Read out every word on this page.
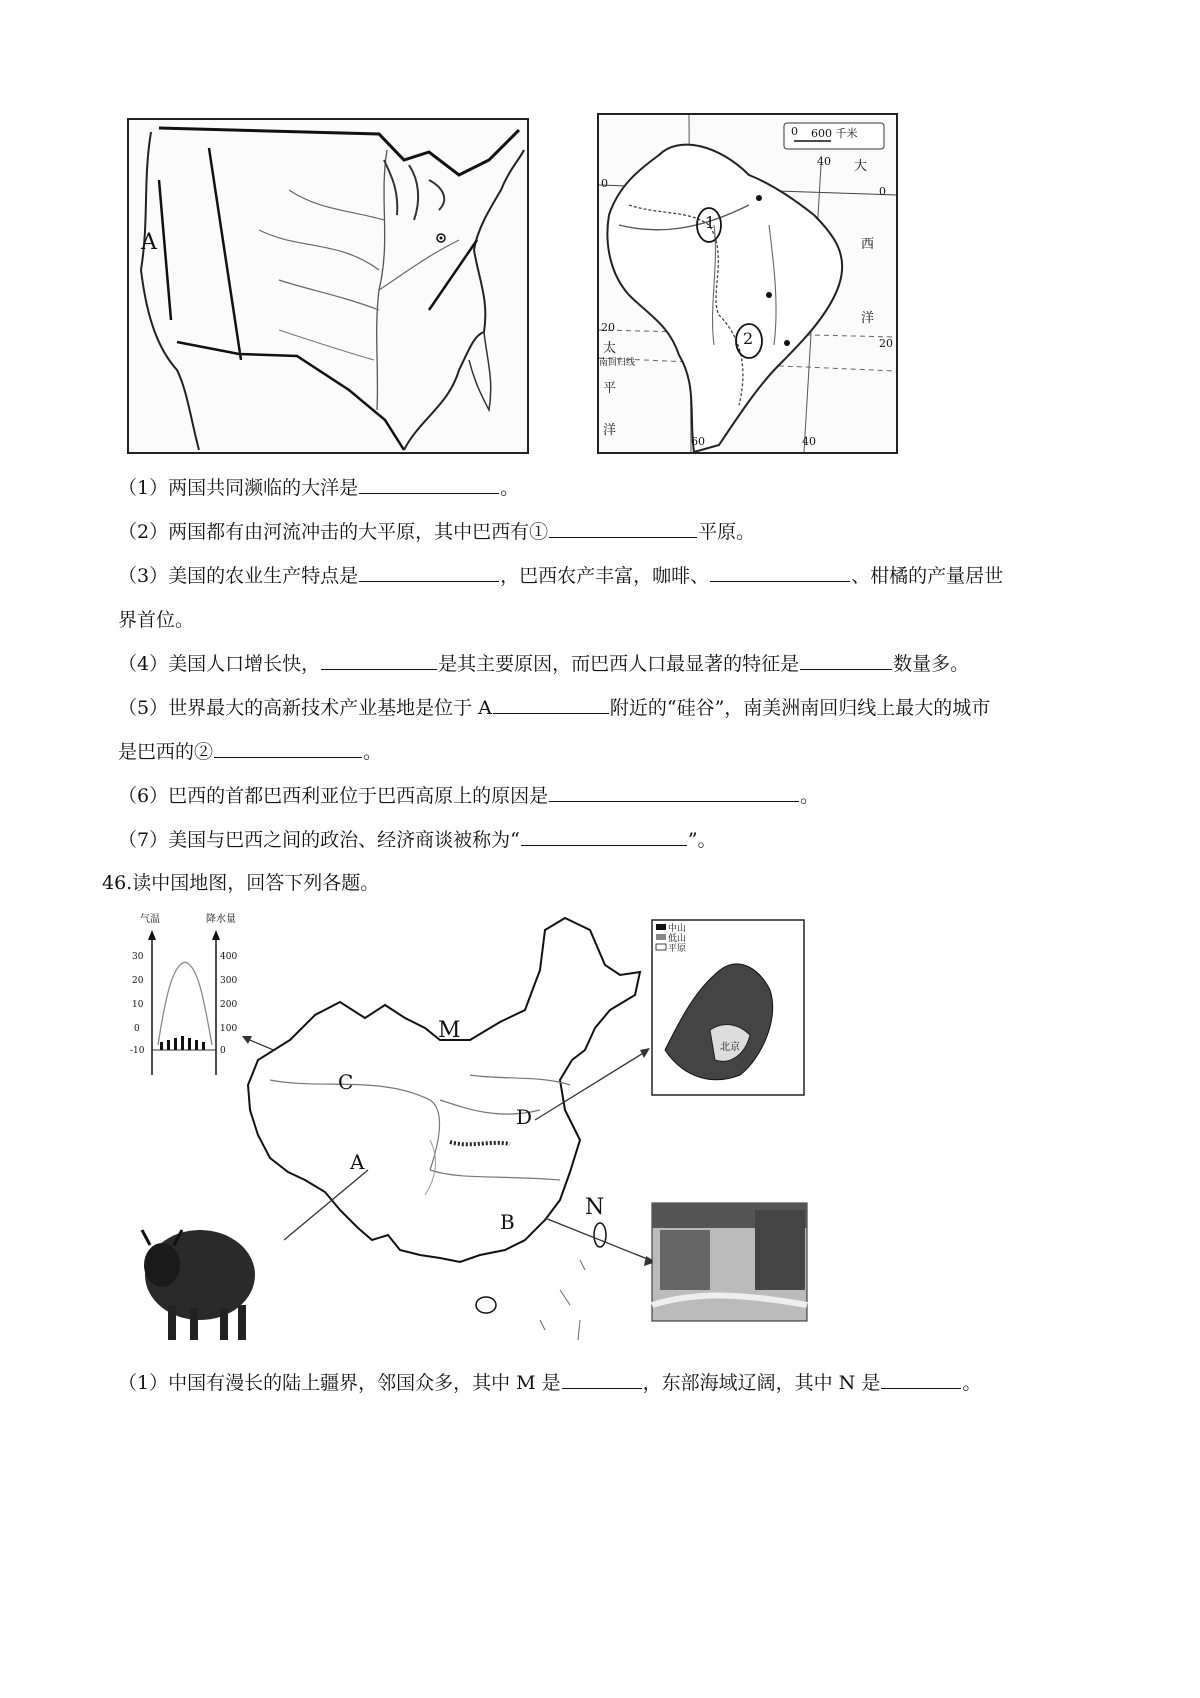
A
0 600 千米
40
0
0
大
西
洋
20
20
太
南回归线
平
洋
60	40
1
2
（1）两国共同濒临的大洋是	。
（2）两国都有由河流冲击的大平原，其中巴西有①	平原。
（3）美国的农业生产特点是	，巴西农产丰富，咖啡、	、柑橘的产量居世
界首位。
（4）美国人口增长快，	是其主要原因，而巴西人口最显著的特征是	数量多。
（5）世界最大的高新技术产业基地是位于 A	附近的“硅谷”，南美洲南回归线上最大的城市
是巴西的②	。
（6）巴西的首都巴西利亚位于巴西高原上的原因是	。
（7）美国与巴西之间的政治、经济商谈被称为“	”。
46.读中国地图，回答下列各题。
气温	降水量
30
20
10
0
-10
400
300
200
100
0
中山
低山
平原
北京
M
C
D
A
B
N
（1）中国有漫长的陆上疆界，邻国众多，其中 M 是	，东部海域辽阔，其中 N 是	。
